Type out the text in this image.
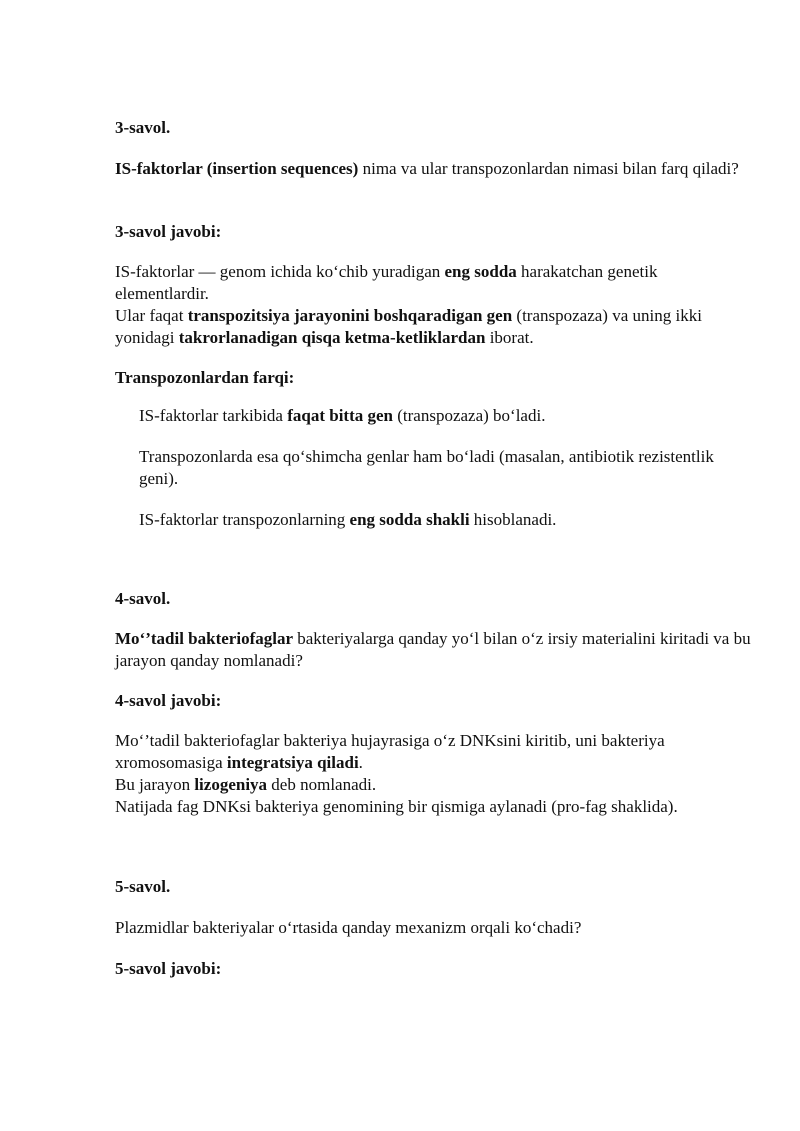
3-savol.

IS-faktorlar (insertion sequences) nima va ular transpozonlardan nimasi bilan farq qiladi?

3-savol javobi:

IS-faktorlar — genom ichida ko‘chib yuradigan eng sodda harakatchan genetik elementlardir.
Ular faqat transpozitsiya jarayonini boshqaradigan gen (transpozaza) va uning ikki yonidagi takrorlanadigan qisqa ketma-ketliklardan iborat.

Transpozonlardan farqi:

IS-faktorlar tarkibida faqat bitta gen (transpozaza) bo‘ladi.

Transpozonlarda esa qo‘shimcha genlar ham bo‘ladi (masalan, antibiotik rezistentlik geni).

IS-faktorlar transpozonlarning eng sodda shakli hisoblanadi.

4-savol.

Mo‘’tadil bakteriofaglar bakteriyalarga qanday yo‘l bilan o‘z irsiy materialini kiritadi va bu jarayon qanday nomlanadi?

4-savol javobi:

Mo‘’tadil bakteriofaglar bakteriya hujayrasiga o‘z DNKsini kiritib, uni bakteriya xromosomasiga integratsiya qiladi.
Bu jarayon lizogeniya deb nomlanadi.
Natijada fag DNKsi bakteriya genomining bir qismiga aylanadi (pro-fag shaklida).

5-savol.

Plazmidlar bakteriyalar o‘rtasida qanday mexanizm orqali ko‘chadi?

5-savol javobi:
